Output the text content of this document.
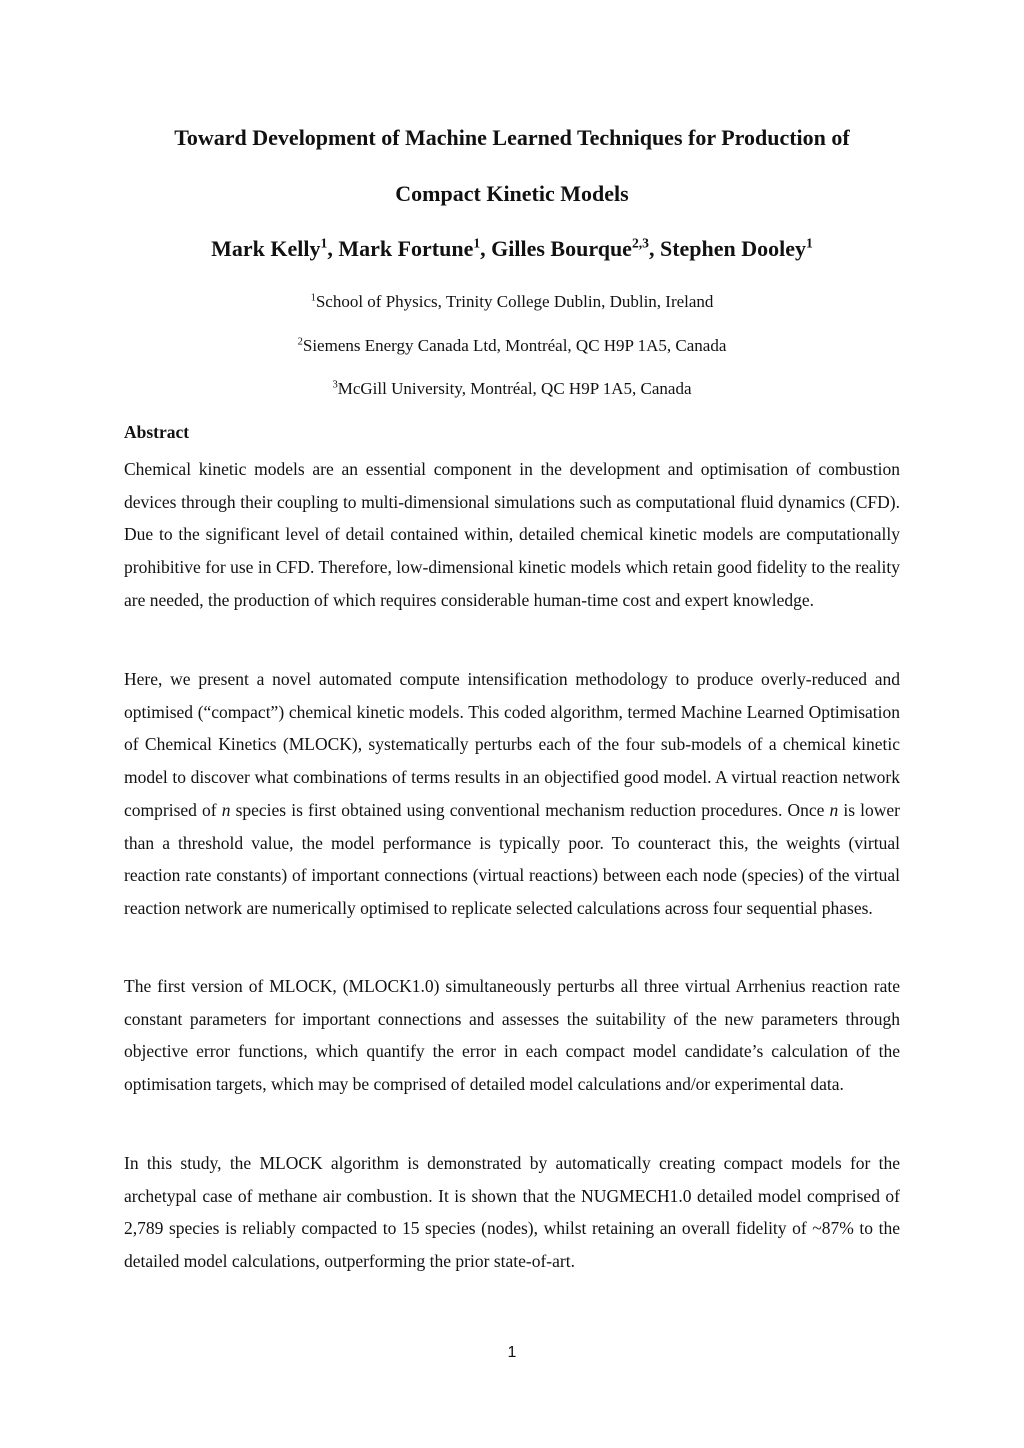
Toward Development of Machine Learned Techniques for Production of

Compact Kinetic Models

Mark Kelly$^1$, Mark Fortune$^1$, Gilles Bourque$^{2,3}$, Stephen Dooley$^1$

$^1$School of Physics, Trinity College Dublin, Dublin, Ireland

$^2$Siemens Energy Canada Ltd, Montréal, QC H9P 1A5, Canada

$^3$McGill University, Montréal, QC H9P 1A5, Canada

Abstract

Chemical kinetic models are an essential component in the development and optimisation of combustion devices through their coupling to multi-dimensional simulations such as computational fluid dynamics (CFD). Due to the significant level of detail contained within, detailed chemical kinetic models are computationally prohibitive for use in CFD. Therefore, low-dimensional kinetic models which retain good fidelity to the reality are needed, the production of which requires considerable human-time cost and expert knowledge.

Here, we present a novel automated compute intensification methodology to produce overly-reduced and optimised (“compact”) chemical kinetic models. This coded algorithm, termed Machine Learned Optimisation of Chemical Kinetics (MLOCK), systematically perturbs each of the four sub-models of a chemical kinetic model to discover what combinations of terms results in an objectified good model. A virtual reaction network comprised of n species is first obtained using conventional mechanism reduction procedures. Once n is lower than a threshold value, the model performance is typically poor. To counteract this, the weights (virtual reaction rate constants) of important connections (virtual reactions) between each node (species) of the virtual reaction network are numerically optimised to replicate selected calculations across four sequential phases.

The first version of MLOCK, (MLOCK1.0) simultaneously perturbs all three virtual Arrhenius reaction rate constant parameters for important connections and assesses the suitability of the new parameters through objective error functions, which quantify the error in each compact model candidate’s calculation of the optimisation targets, which may be comprised of detailed model calculations and/or experimental data.

In this study, the MLOCK algorithm is demonstrated by automatically creating compact models for the archetypal case of methane air combustion. It is shown that the NUGMECH1.0 detailed model comprised of 2,789 species is reliably compacted to 15 species (nodes), whilst retaining an overall fidelity of ~87% to the detailed model calculations, outperforming the prior state-of-art.

1
